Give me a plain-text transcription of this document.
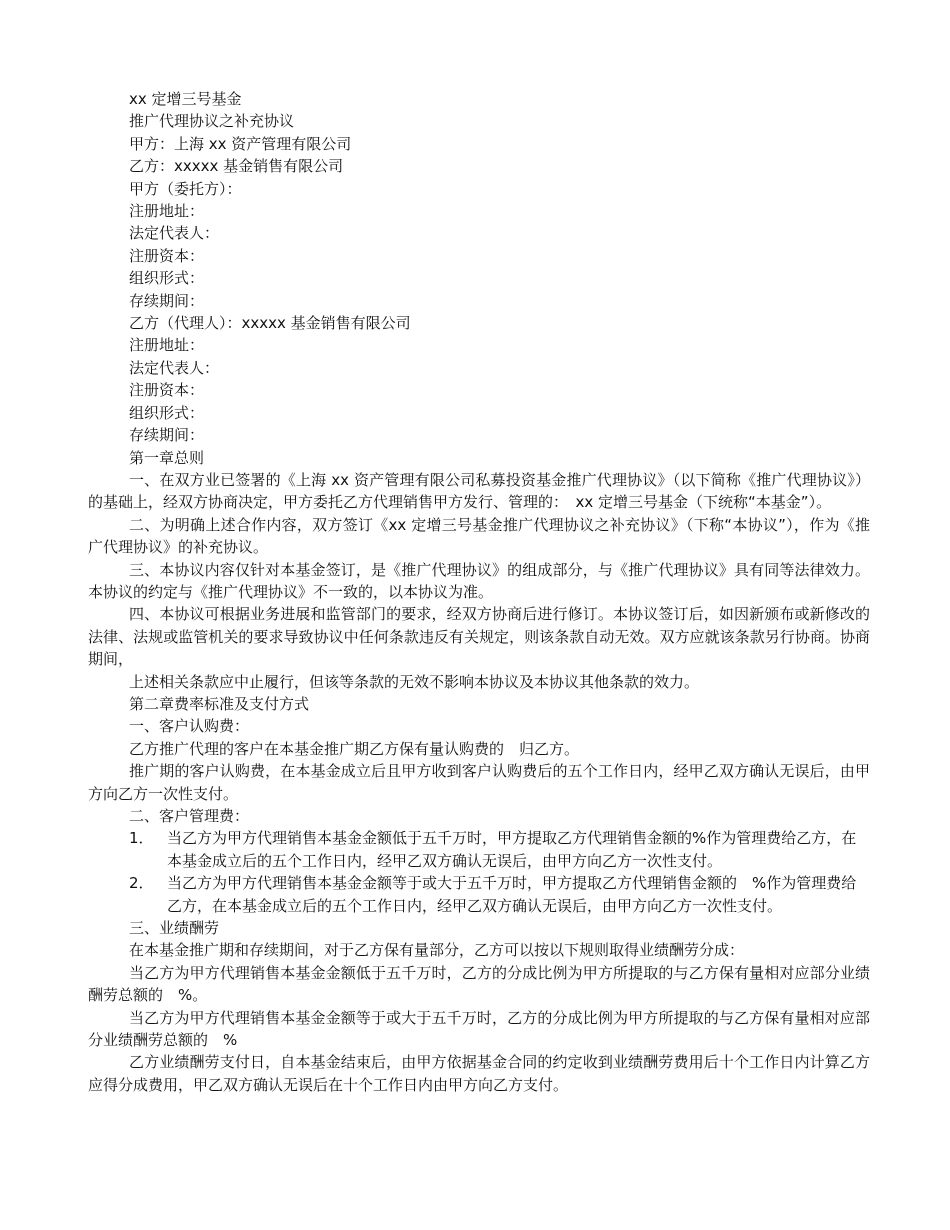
xx 定增三号基金
推广代理协议之补充协议
甲方：上海 xx 资产管理有限公司
乙方：xxxxx 基金销售有限公司
甲方（委托方）：
注册地址：
法定代表人：
注册资本：
组织形式：
存续期间：
乙方（代理人）：xxxxx 基金销售有限公司
注册地址：
法定代表人：
注册资本：
组织形式：
存续期间：
第一章总则
一、在双方业已签署的《上海 xx 资产管理有限公司私募投资基金推广代理协议》（以下简称《推广代理协议》）的基础上，经双方协商决定，甲方委托乙方代理销售甲方发行、管理的：　xx 定增三号基金（下统称“本基金”）。
二、为明确上述合作内容，双方签订《xx 定增三号基金推广代理协议之补充协议》（下称“本协议”），作为《推广代理协议》的补充协议。
三、本协议内容仅针对本基金签订，是《推广代理协议》的组成部分，与《推广代理协议》具有同等法律效力。本协议的约定与《推广代理协议》不一致的，以本协议为准。
四、本协议可根据业务进展和监管部门的要求，经双方协商后进行修订。本协议签订后，如因新颁布或新修改的法律、法规或监管机关的要求导致协议中任何条款违反有关规定，则该条款自动无效。双方应就该条款另行协商。协商期间，
上述相关条款应中止履行，但该等条款的无效不影响本协议及本协议其他条款的效力。
第二章费率标准及支付方式
一、客户认购费：
乙方推广代理的客户在本基金推广期乙方保有量认购费的　归乙方。
推广期的客户认购费，在本基金成立后且甲方收到客户认购费后的五个工作日内，经甲乙双方确认无误后，由甲方向乙方一次性支付。
二、客户管理费：
1． 当乙方为甲方代理销售本基金金额低于五千万时，甲方提取乙方代理销售金额的%作为管理费给乙方，在本基金成立后的五个工作日内，经甲乙双方确认无误后，由甲方向乙方一次性支付。
2． 当乙方为甲方代理销售本基金金额等于或大于五千万时，甲方提取乙方代理销售金额的　%作为管理费给乙方，在本基金成立后的五个工作日内，经甲乙双方确认无误后，由甲方向乙方一次性支付。
三、业绩酬劳
在本基金推广期和存续期间，对于乙方保有量部分，乙方可以按以下规则取得业绩酬劳分成：
当乙方为甲方代理销售本基金金额低于五千万时，乙方的分成比例为甲方所提取的与乙方保有量相对应部分业绩酬劳总额的　%。
当乙方为甲方代理销售本基金金额等于或大于五千万时，乙方的分成比例为甲方所提取的与乙方保有量相对应部分业绩酬劳总额的　%
乙方业绩酬劳支付日，自本基金结束后，由甲方依据基金合同的约定收到业绩酬劳费用后十个工作日内计算乙方应得分成费用，甲乙双方确认无误后在十个工作日内由甲方向乙方支付。
